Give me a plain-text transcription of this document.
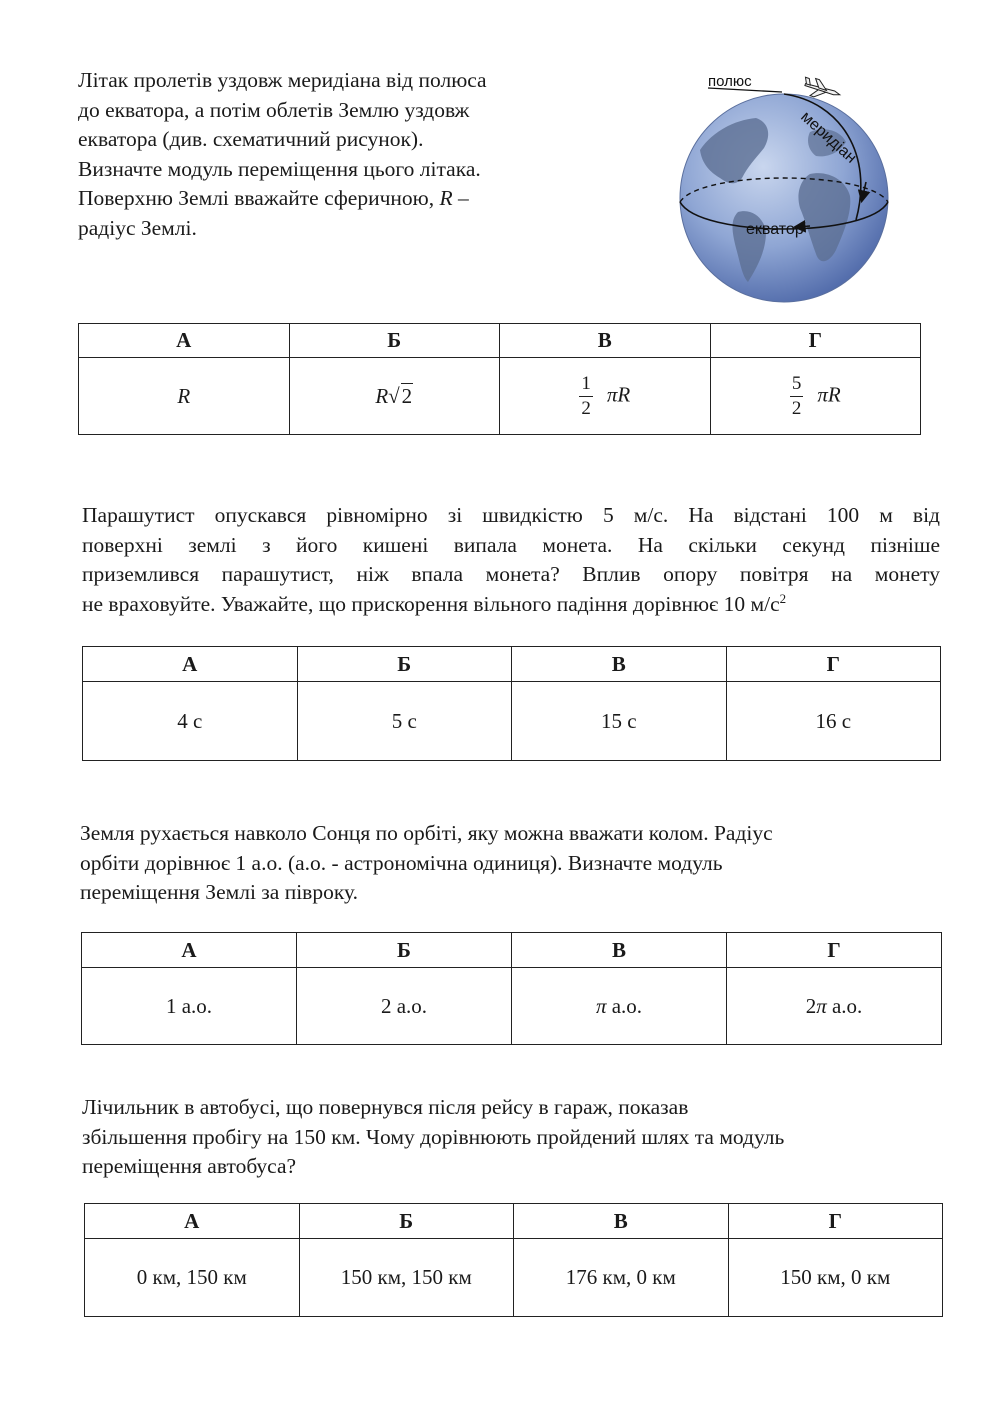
Літак пролетів уздовж меридіана від полюса

до екватора, а потім облетів Землю уздовж

екватора (див. схематичний рисунок).

Визначте модуль переміщення цього літака.

Поверхню Землі вважайте сферичною, R –

радіус Землі.

полюс
меридіан
екватор
А	Б	В	Г
R	R√2	$\frac{1}{2}$ πR	$\frac{5}{2}$ πR

Парашутист опускався рівномірно зі швидкістю 5 м/с. На відстані 100 м від

поверхні землі з його кишені випала монета. На скільки секунд пізніше

приземлився парашутист, ніж впала монета? Вплив опору повітря на монету

не враховуйте. Уважайте, що прискорення вільного падіння дорівнює 10 $м/с^2$

А	Б	В	Г
4 с	5 с	15 с	16 с

Земля рухається навколо Сонця по орбіті, яку можна вважати колом. Радіус

орбіти дорівнює 1 а.о. (а.о. - астрономічна одиниця). Визначте модуль

переміщення Землі за півроку.

А	Б	В	Г
1 а.о.	2 а.о.	π а.о.	2π а.о.

Лічильник в автобусі, що повернувся після рейсу в гараж, показав

збільшення пробігу на 150 км. Чому дорівнюють пройдений шлях та модуль

переміщення автобуса?

А	Б	В	Г
0 км, 150 км	150 км, 150 км	176 км, 0 км	150 км, 0 км
